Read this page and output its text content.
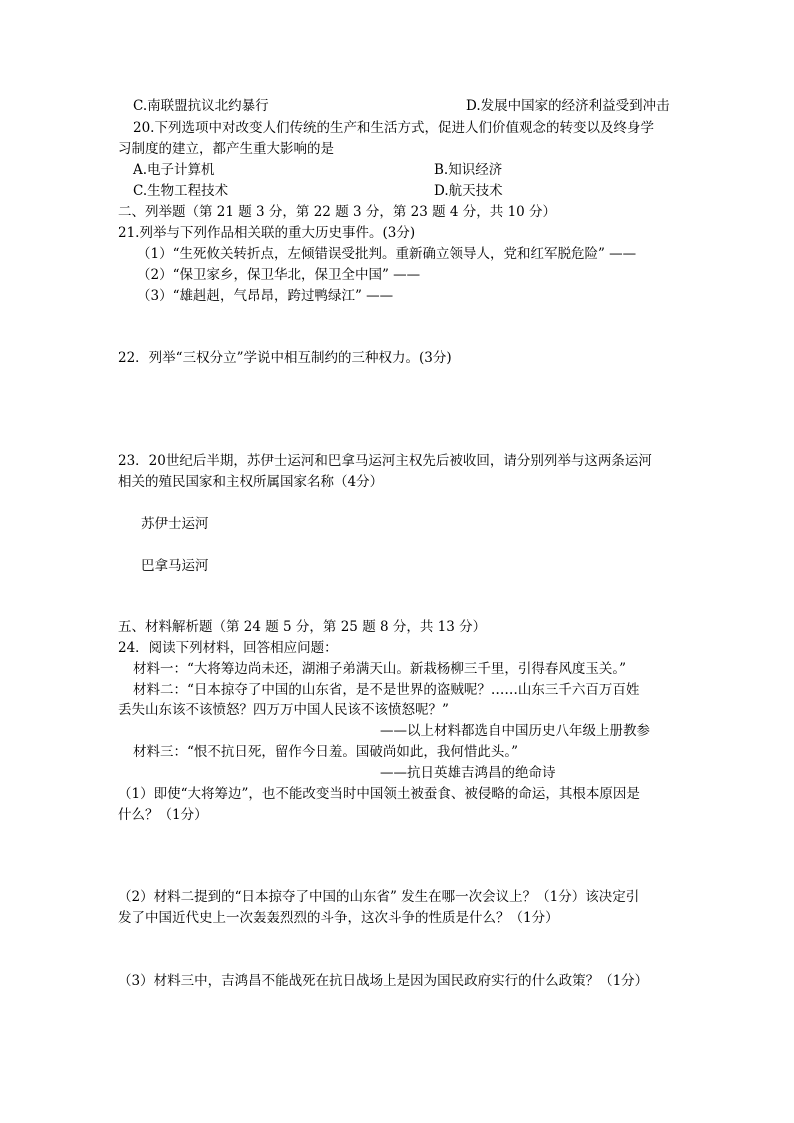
C.南联盟抗议北约暴行	D.发展中国家的经济利益受到冲击
20.下列选项中对改变人们传统的生产和生活方式，促进人们价值观念的转变以及终身学
习制度的建立，都产生重大影响的是
A.电子计算机	B.知识经济
C.生物工程技术	D.航天技术
二、列举题（第 21 题 3 分，第 22 题 3 分，第 23 题 4 分，共 10 分）
21.列举与下列作品相关联的重大历史事件。(3分)
（1）“生死攸关转折点，左倾错误受批判。重新确立领导人，党和红军脱危险” ——
（2）“保卫家乡，保卫华北，保卫全中国” ——
（3）“雄赳赳，气昂昂，跨过鸭绿江” ——
22．列举“三权分立”学说中相互制约的三种权力。(3分)
23．20世纪后半期，苏伊士运河和巴拿马运河主权先后被收回，请分别列举与这两条运河
相关的殖民国家和主权所属国家名称（4分）
苏伊士运河
巴拿马运河
五、材料解析题（第 24 题 5 分，第 25 题 8 分，共 13 分）
24．阅读下列材料，回答相应问题：
材料一：“大将筹边尚未还，湖湘子弟满天山。新栽杨柳三千里，引得春风度玉关。”
材料二：“日本掠夺了中国的山东省，是不是世界的盗贼呢？……山东三千六百万百姓
丢失山东该不该愤怒？四万万中国人民该不该愤怒呢？”
——以上材料都选自中国历史八年级上册教参
材料三：“恨不抗日死，留作今日羞。国破尚如此，我何惜此头。”
——抗日英雄吉鸿昌的绝命诗
（1）即使“大将筹边”，也不能改变当时中国领土被蚕食、被侵略的命运，其根本原因是
什么？（1分）
（2）材料二提到的“日本掠夺了中国的山东省” 发生在哪一次会议上？（1分）该决定引
发了中国近代史上一次轰轰烈烈的斗争，这次斗争的性质是什么？（1分）
（3）材料三中，吉鸿昌不能战死在抗日战场上是因为国民政府实行的什么政策？（1分）
